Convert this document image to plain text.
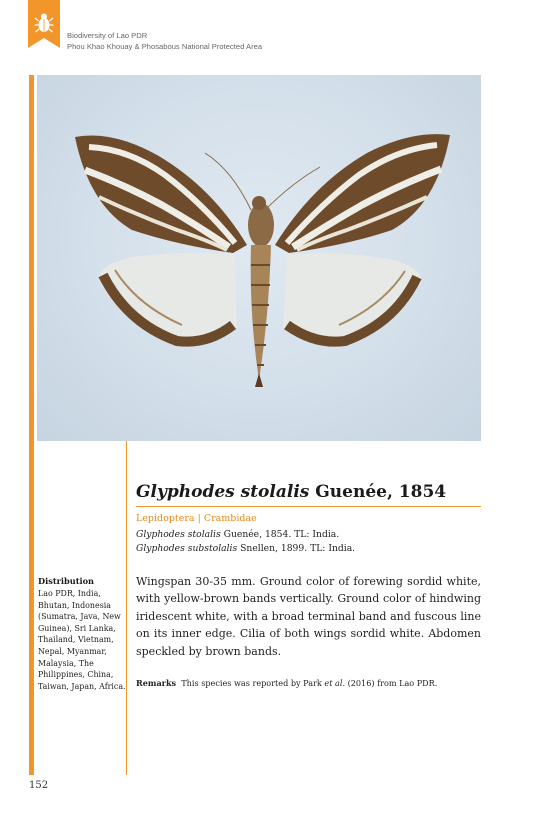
Biodiversity of Lao PDR
Phou Khao Khouay & Phosabous National Protected Area
Glyphodes stolalis Guenée, 1854
Lepidoptera | Crambidae
Glyphodes stolalis Guenée, 1854. TL: India.
Glyphodes substolalis Snellen, 1899. TL: India.
Wingspan 30-35 mm. Ground color of forewing sordid white, with yellow-brown bands vertically. Ground color of hindwing iridescent white, with a broad terminal band and fuscous line on its inner edge. Cilia of both wings sordid white. Abdomen speckled by brown bands.
Remarks This species was reported by Park et al. (2016) from Lao PDR.
Distribution
Lao PDR, India, Bhutan, Indonesia (Sumatra, Java, New Guinea), Sri Lanka, Thailand, Vietnam, Nepal, Myanmar, Malaysia, The Philippines, China, Taiwan, Japan, Africa.
152
